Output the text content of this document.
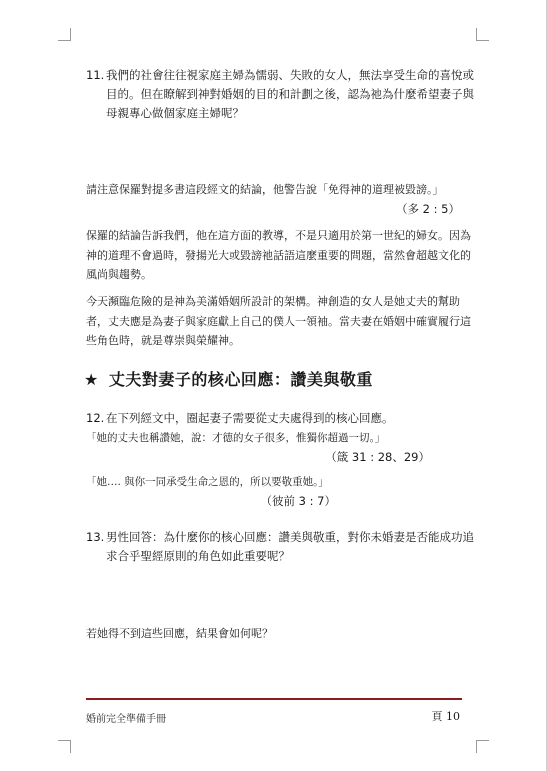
11. 我們的社會往往視家庭主婦為懦弱、失敗的女人，無法享受生命的喜悅或目的。但在瞭解到神對婚姻的目的和計劃之後，認為祂為什麼希望妻子與母親專心做個家庭主婦呢？

請注意保羅對提多書這段經文的結論，他警告說「免得神的道理被毀謗。」

（多 2 : 5）

保羅的結論告訴我們，他在這方面的教導，不是只適用於第一世紀的婦女。因為神的道理不會過時，發揚光大或毀謗祂話語這麼重要的問題，當然會超越文化的風尚與趨勢。

今天瀕臨危險的是神為美滿婚姻所設計的架構。神創造的女人是她丈夫的幫助者，丈夫應是為妻子與家庭獻上自己的僕人一領袖。當夫妻在婚姻中確實履行這些角色時，就是尊崇與榮耀神。

★ 丈夫對妻子的核心回應：讚美與敬重
12. 在下列經文中，圈起妻子需要從丈夫處得到的核心回應。

「她的丈夫也稱讚她，說：才德的女子很多，惟獨你超過一切。」

（箴 31 : 28、29）

「她…. 與你一同承受生命之恩的，所以要敬重她。」

（彼前 3 : 7）

13. 男性回答：為什麼你的核心回應：讚美與敬重，對你未婚妻是否能成功追求合乎聖經原則的角色如此重要呢？

若她得不到這些回應，結果會如何呢？

婚前完全準備手冊	頁 10
